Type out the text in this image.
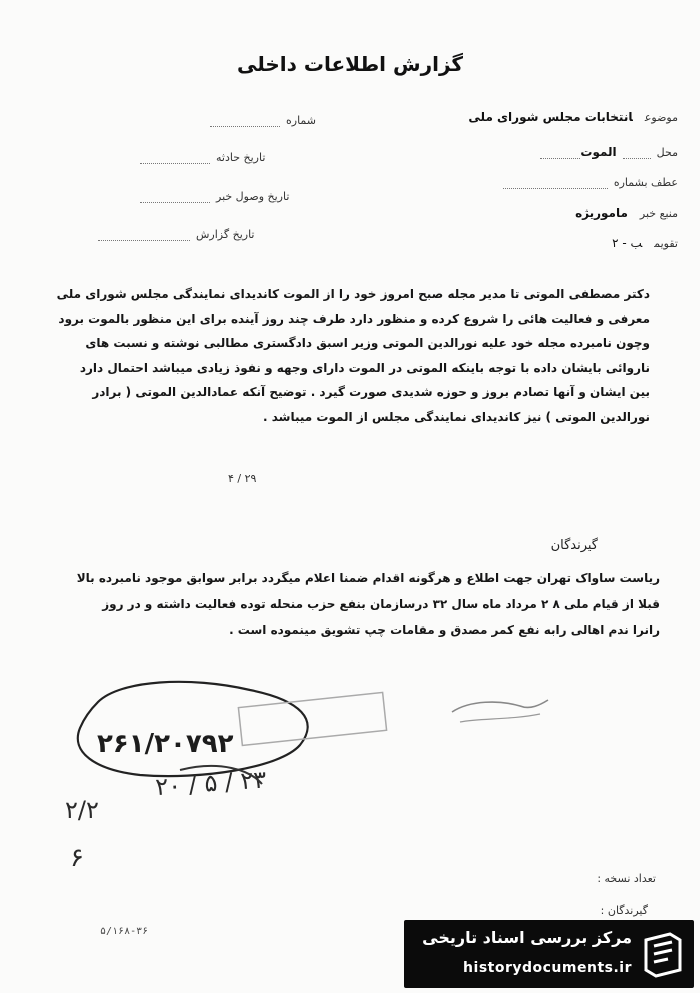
گزارش اطلاعات داخلی
شماره
تاریخ حادثه
تاریخ وصول خبر
تاریخ گزارش
موضوعانتخابات مجلس شورای ملی
محلالموت
عطف بشماره
منبع خبرماموریژه
تقویمب - ۲
دکتر مصطفی الموتی تا مدیر مجله صبح امروز خود را از الموت کاندیدای نمایندگی مجلس شورای ملی
معرفی و فعالیت هائی را شروع کرده و منظور دارد طرف چند روز آینده برای این منظور بالموت برود
وچون نامبرده مجله خود علیه نورالدین الموتی وزیر اسبق دادگستری مطالبی نوشته و نسبت های
ناروائی بایشان داده با توجه باینکه الموتی در الموت دارای وجهه و نفوذ زیادی میباشد احتمال دارد
بین ایشان و آنها تصادم بروز و حوزه شدیدی صورت گیرد . توضیح آنکه عمادالدین الموتی ( برادر
نورالدین الموتی ) نیز کاندیدای نمایندگی مجلس از الموت میباشد .
۴ / ۲۹
گیرندگان
ریاست ساواک تهران جهت اطلاع و هرگونه اقدام ضمنا اعلام میگردد برابر سوابق موجود نامبرده بالا
قبلا از قیام ملی ۸ ۲ مرداد ماه سال ۳۲ درسازمان بنفع حزب منحله توده فعالیت داشته و در روز
رانرا ندم اهالی رابه نفع کمر مصدق و مقامات چپ تشویق مینموده است .
۲۶۱/۲۰۷۹۲
۲۰ / ۵ / ۲۳
۲/۲
۶
تعداد نسخه :
گیرندگان :
۵/۱۶۸-۳۶	مرکز بررسی اسناد تاریخی
historydocuments.ir
